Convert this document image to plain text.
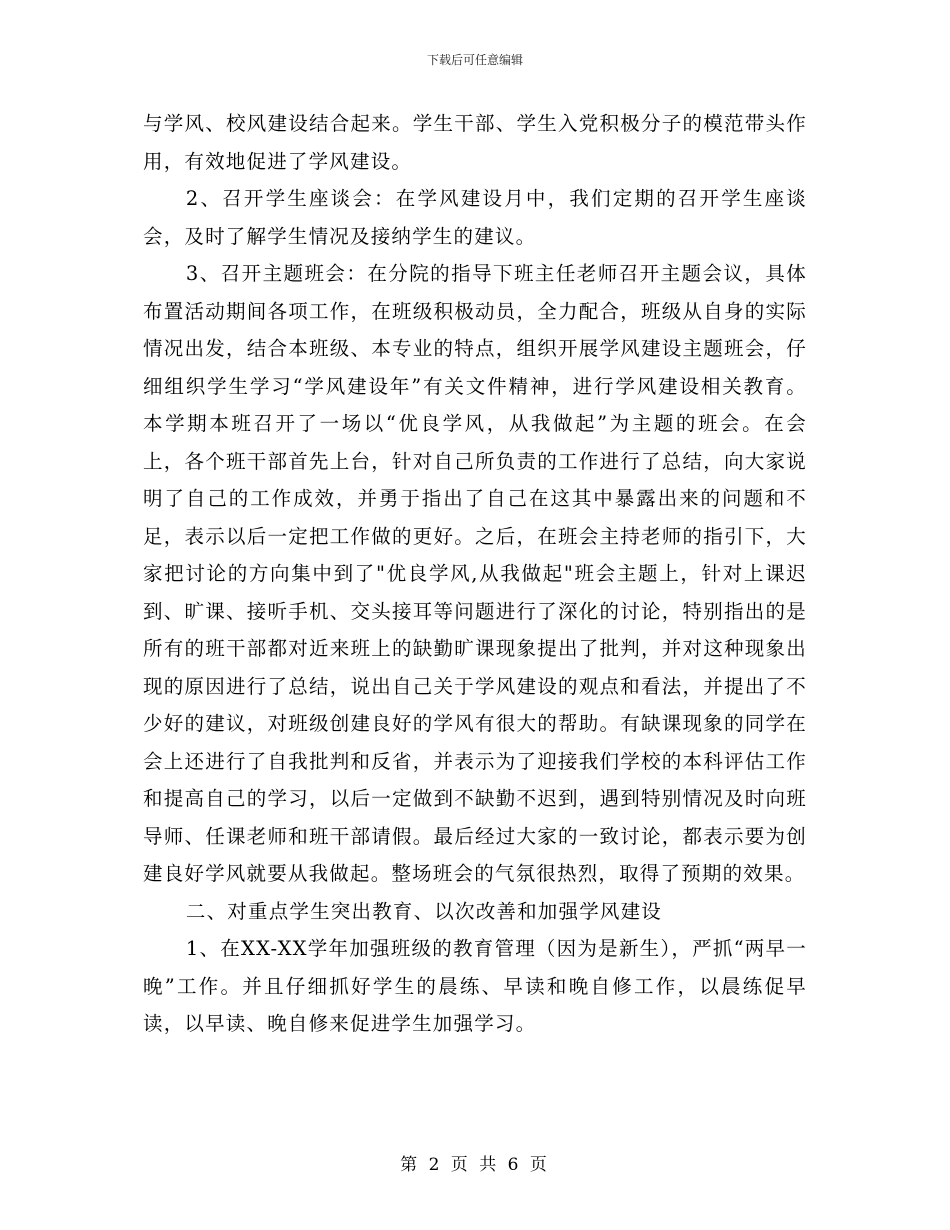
下载后可任意编辑

与学风、校风建设结合起来。学生干部、学生入党积极分子的模范带头作用，有效地促进了学风建设。

2、召开学生座谈会：在学风建设月中，我们定期的召开学生座谈会，及时了解学生情况及接纳学生的建议。

3、召开主题班会：在分院的指导下班主任老师召开主题会议，具体布置活动期间各项工作，在班级积极动员，全力配合，班级从自身的实际情况出发，结合本班级、本专业的特点，组织开展学风建设主题班会，仔细组织学生学习“学风建设年”有关文件精神，进行学风建设相关教育。本学期本班召开了一场以“优良学风，从我做起”为主题的班会。在会上，各个班干部首先上台，针对自己所负责的工作进行了总结，向大家说明了自己的工作成效，并勇于指出了自己在这其中暴露出来的问题和不足，表示以后一定把工作做的更好。之后，在班会主持老师的指引下，大家把讨论的方向集中到了"优良学风,从我做起"班会主题上，针对上课迟到、旷课、接听手机、交头接耳等问题进行了深化的讨论，特别指出的是所有的班干部都对近来班上的缺勤旷课现象提出了批判，并对这种现象出现的原因进行了总结，说出自己关于学风建设的观点和看法，并提出了不少好的建议，对班级创建良好的学风有很大的帮助。有缺课现象的同学在会上还进行了自我批判和反省，并表示为了迎接我们学校的本科评估工作和提高自己的学习，以后一定做到不缺勤不迟到，遇到特别情况及时向班导师、任课老师和班干部请假。最后经过大家的一致讨论，都表示要为创建良好学风就要从我做起。整场班会的气氛很热烈，取得了预期的效果。

二、对重点学生突出教育、以次改善和加强学风建设

1、在XX-XX学年加强班级的教育管理（因为是新生），严抓“两早一晚”工作。并且仔细抓好学生的晨练、早读和晚自修工作，以晨练促早读，以早读、晚自修来促进学生加强学习。

第 2 页 共 6 页
